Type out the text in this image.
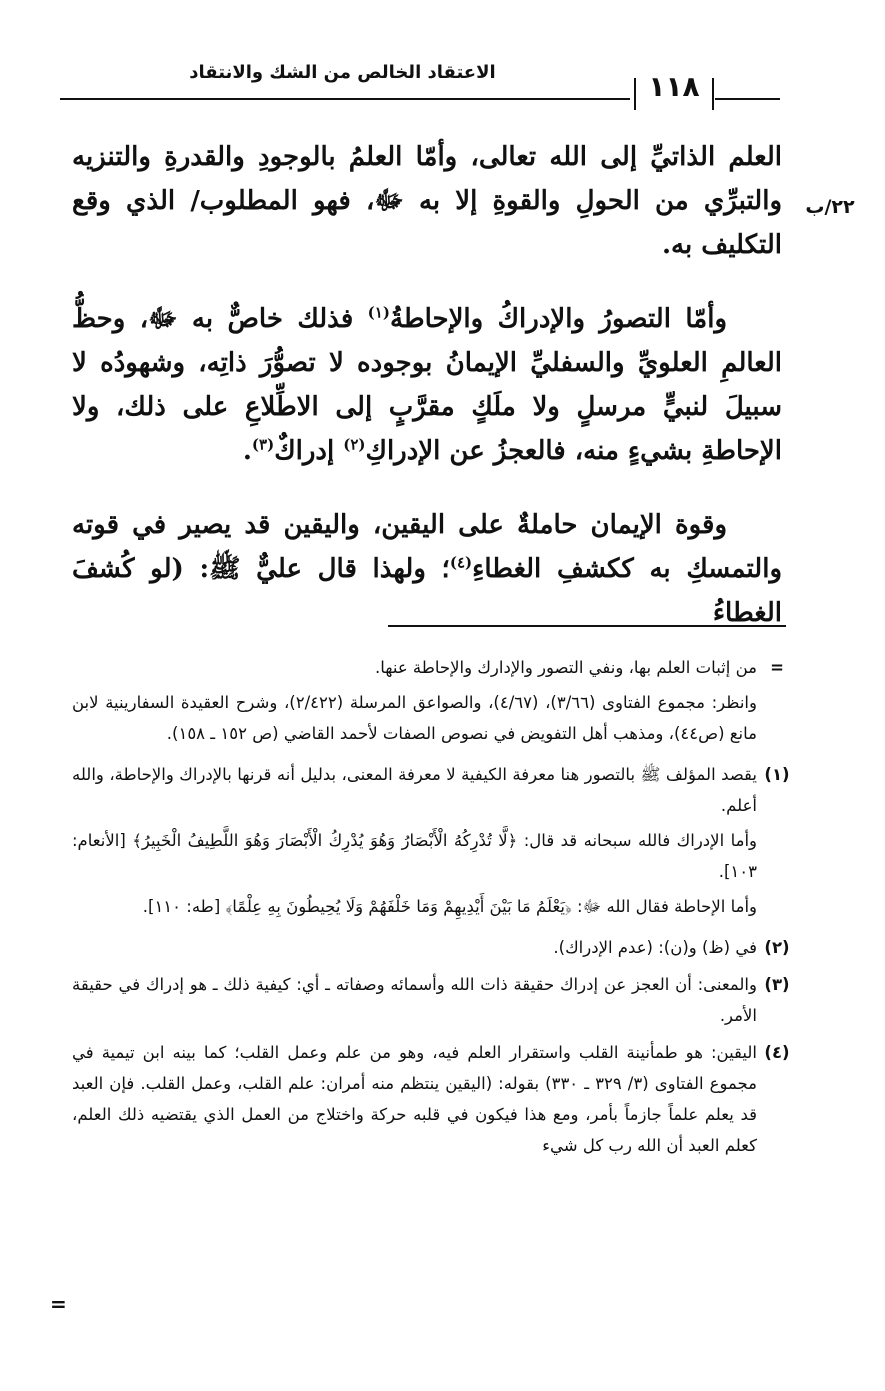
الاعتقاد الخالص من الشك والانتقاد	١١٨
٢٢/ب

العلم الذاتيِّ إلى الله تعالى، وأمّا العلمُ بالوجودِ والقدرةِ والتنزيه والتبرِّي من الحولِ والقوةِ إلا به ﷻ، فهو المطلوب/ الذي وقع التكليف به.

وأمّا التصورُ والإدراكُ والإحاطةُ$^{(١)}$ فذلك خاصٌّ به ﷻ، وحظُّ العالمِ العلويِّ والسفليِّ الإيمانُ بوجوده لا تصوُّرَ ذاتِه، وشهودُه لا سبيلَ لنبيٍّ مرسلٍ ولا ملَكٍ مقرَّبٍ إلى الاطِّلاعِ على ذلك، ولا الإحاطةِ بشيءٍ منه، فالعجزُ عن الإدراكِ$^{(٢)}$ إدراكٌ$^{(٣)}$.

وقوة الإيمان حاملةٌ على اليقين، واليقين قد يصير في قوته والتمسكِ به ككشفِ الغطاءِ$^{(٤)}$؛ ولهذا قال عليٌّ ﷺ: (لو كُشفَ الغطاءُ

=

من إثبات العلم بها، ونفي التصور والإدارك والإحاطة عنها.

وانظر: مجموع الفتاوى (٣/٦٦)، (٤/٦٧)، والصواعق المرسلة (٢/٤٢٢)، وشرح العقيدة السفارينية لابن مانع (ص٤٤)، ومذهب أهل التفويض في نصوص الصفات لأحمد القاضي (ص ١٥٢ ـ ١٥٨).

(١)

يقصد المؤلف ﷺ بالتصور هنا معرفة الكيفية لا معرفة المعنى، بدليل أنه قرنها بالإدراك والإحاطة، والله أعلم.

وأما الإدراك فالله سبحانه قد قال: ﴿لَّا تُدْرِكُهُ الْأَبْصَارُ وَهُوَ يُدْرِكُ الْأَبْصَارَ وَهُوَ اللَّطِيفُ الْخَبِيرُ﴾ [الأنعام: ١٠٣].

وأما الإحاطة فقال الله ﷻ: ﴿يَعْلَمُ مَا بَيْنَ أَيْدِيهِمْ وَمَا خَلْفَهُمْ وَلَا يُحِيطُونَ بِهِ عِلْمًا﴾ [طه: ١١٠].

(٢)
في (ظ) و(ن): (عدم الإدراك).
(٣)
والمعنى: أن العجز عن إدراك حقيقة ذات الله وأسمائه وصفاته ـ أي: كيفية ذلك ـ هو إدراك في حقيقة الأمر.
(٤)
اليقين: هو طمأنينة القلب واستقرار العلم فيه، وهو من علم وعمل القلب؛ كما بينه ابن تيمية في مجموع الفتاوى (٣/ ٣٢٩ ـ ٣٣٠) بقوله: (اليقين ينتظم منه أمران: علم القلب، وعمل القلب. فإن العبد قد يعلم علماً جازماً بأمر، ومع هذا فيكون في قلبه حركة واختلاج من العمل الذي يقتضيه ذلك العلم، كعلم العبد أن الله رب كل شيء
=
